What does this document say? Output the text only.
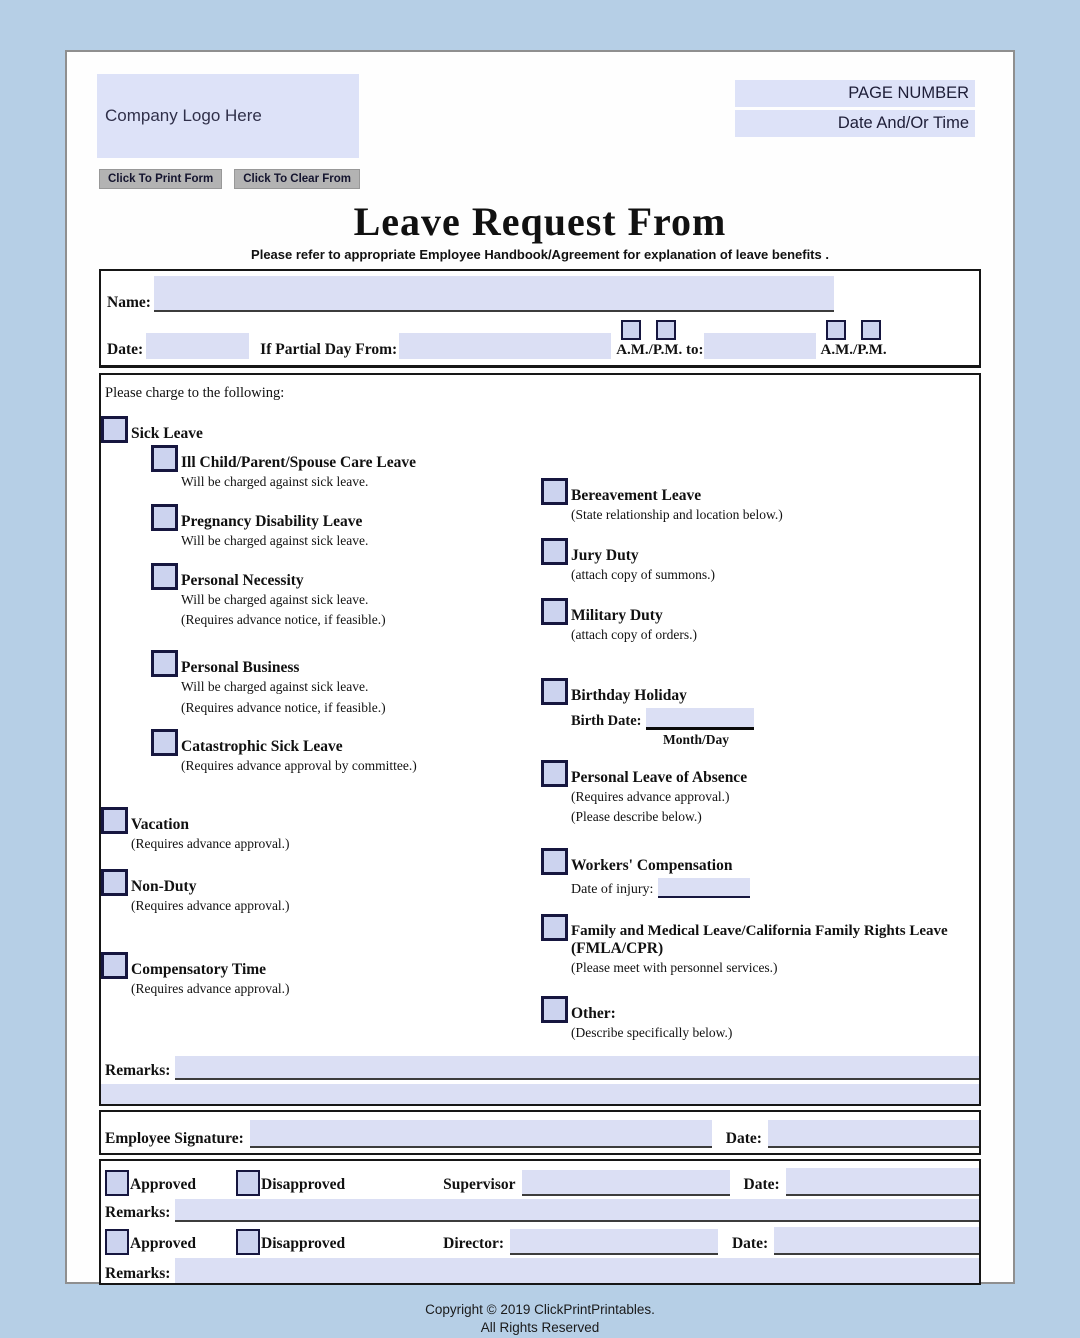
Company Logo Here
PAGE NUMBER
Date And/Or Time
Click To Print Form	Click To Clear From
Leave Request From
Please refer to appropriate Employee Handbook/Agreement for explanation of leave benefits .
Name:
Date:	If Partial Day From:	A.M./P.M. to:	A.M./P.M.
Please charge to the following:
Sick Leave
Ill Child/Parent/Spouse Care Leave
Will be charged against sick leave.
Pregnancy Disability Leave
Will be charged against sick leave.
Personal Necessity
Will be charged against sick leave.
(Requires advance notice, if feasible.)
Personal Business
Will be charged against sick leave.
(Requires advance notice, if feasible.)
Catastrophic Sick Leave
(Requires advance approval by committee.)
Vacation
(Requires advance approval.)
Non-Duty
(Requires advance approval.)
Compensatory Time
(Requires advance approval.)
Bereavement Leave
(State relationship and location below.)
Jury Duty
(attach copy of summons.)
Military Duty
(attach copy of orders.)
Birthday Holiday
Birth Date:
Month/Day
Personal Leave of Absence
(Requires advance approval.)
(Please describe below.)
Workers' Compensation
Date of injury:
Family and Medical Leave/California Family Rights Leave
(FMLA/CPR)
(Please meet with personnel services.)
Other:
(Describe specifically below.)
Remarks:
Employee Signature:	Date:
Approved	Disapproved	Supervisor	Date:
Remarks:
Approved	Disapproved	Director:	Date:
Remarks:
Copyright © 2019 ClickPrintPrintables.
All Rights Reserved
